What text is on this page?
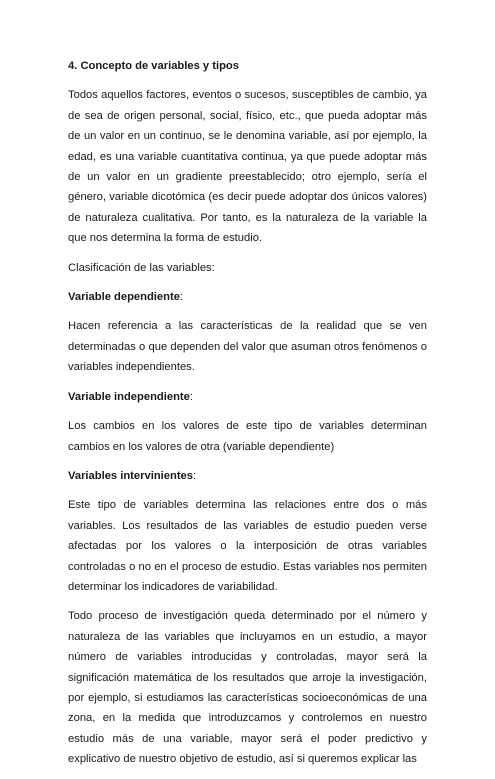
4. Concepto de variables y tipos

Todos aquellos factores, eventos o sucesos, susceptibles de cambio, ya de sea de origen personal, social, físico, etc., que pueda adoptar más de un valor en un continuo, se le denomina variable, así por ejemplo, la edad, es una variable cuantitativa continua, ya que puede adoptar más de un valor en un gradiente preestablecido; otro ejemplo, sería el género, variable dicotómica (es decir puede adoptar dos únicos valores) de naturaleza cualitativa. Por tanto, es la naturaleza de la variable la que nos determina la forma de estudio.

Clasificación de las variables:

Variable dependiente:

Hacen referencia a las características de la realidad que se ven determinadas o que dependen del valor que asuman otros fenómenos o variables independientes.

Variable independiente:

Los cambios en los valores de este tipo de variables determinan cambios en los valores de otra (variable dependiente)

Variables intervinientes:

Este tipo de variables determina las relaciones entre dos o más variables. Los resultados de las variables de estudio pueden verse afectadas por los valores o la interposición de otras variables controladas o no en el proceso de estudio. Estas variables nos permiten determinar los indicadores de variabilidad.

Todo proceso de investigación queda determinado por el número y naturaleza de las variables que incluyamos en un estudio, a mayor número de variables introducidas y controladas, mayor será la significación matemática de los resultados que arroje la investigación, por ejemplo, si estudiamos las características socioeconómicas de una zona, en la medida que introduzcamos y controlemos en nuestro estudio más de una variable, mayor será el poder predictivo y explicativo de nuestro objetivo de estudio, así si queremos explicar las
